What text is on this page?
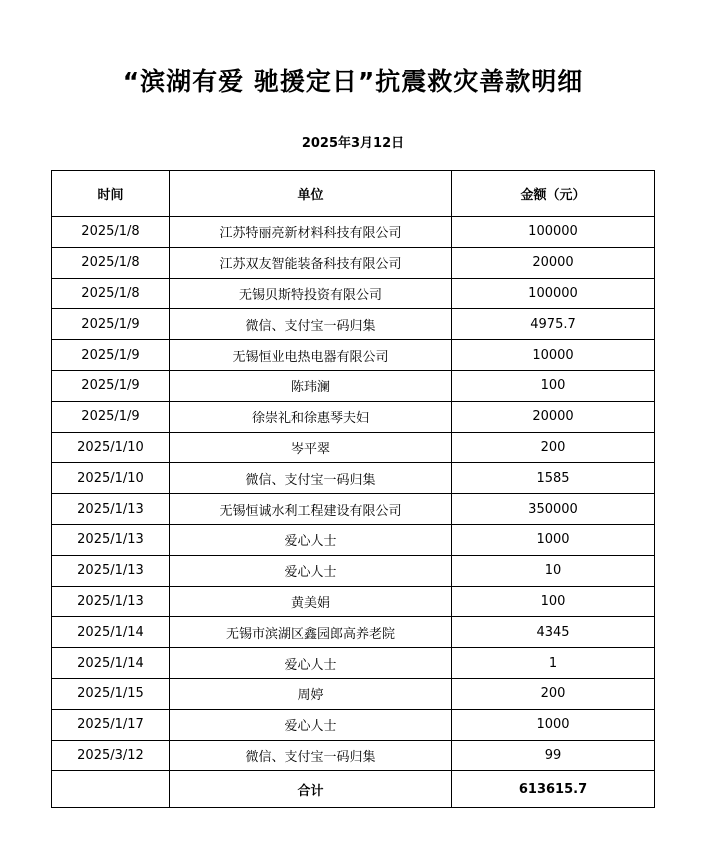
“滨湖有爱 驰援定日”抗震救灾善款明细
2025年3月12日
时间	单位	金额（元）
2025/1/8	江苏特丽亮新材料科技有限公司	100000
2025/1/8	江苏双友智能装备科技有限公司	20000
2025/1/8	无锡贝斯特投资有限公司	100000
2025/1/9	微信、支付宝一码归集	4975.7
2025/1/9	无锡恒业电热电器有限公司	10000
2025/1/9	陈玮澜	100
2025/1/9	徐崇礼和徐惠琴夫妇	20000
2025/1/10	岑平翠	200
2025/1/10	微信、支付宝一码归集	1585
2025/1/13	无锡恒诚水利工程建设有限公司	350000
2025/1/13	爱心人士	1000
2025/1/13	爱心人士	10
2025/1/13	黄美娟	100
2025/1/14	无锡市滨湖区鑫园郎高养老院	4345
2025/1/14	爱心人士	1
2025/1/15	周婷	200
2025/1/17	爱心人士	1000
2025/3/12	微信、支付宝一码归集	99
	合计	613615.7
